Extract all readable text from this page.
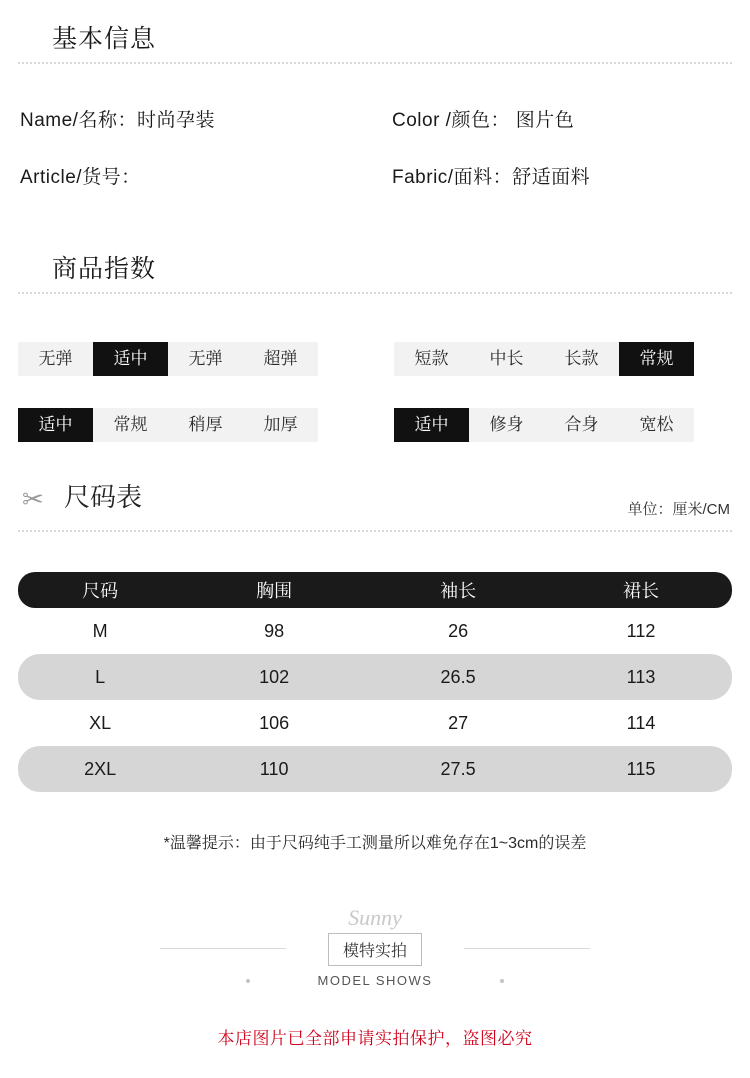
基本信息
Name/名称：时尚孕装	Color /颜色： 图片色
Article/货号：	Fabric/面料：舒适面料
商品指数
无弹	适中	无弹	超弹	短款	中长	长款	常规
适中	常规	稍厚	加厚	适中	修身	合身	宽松
✂ 尺码表	单位：厘米/CM
尺码	胸围	袖长	裙长
M	98	26	112
L	102	26.5	113
XL	106	27	114
2XL	110	27.5	115
*温馨提示：由于尺码纯手工测量所以难免存在1~3cm的误差
Sunny
模特实拍
MODEL SHOWS
本店图片已全部申请实拍保护，盗图必究
